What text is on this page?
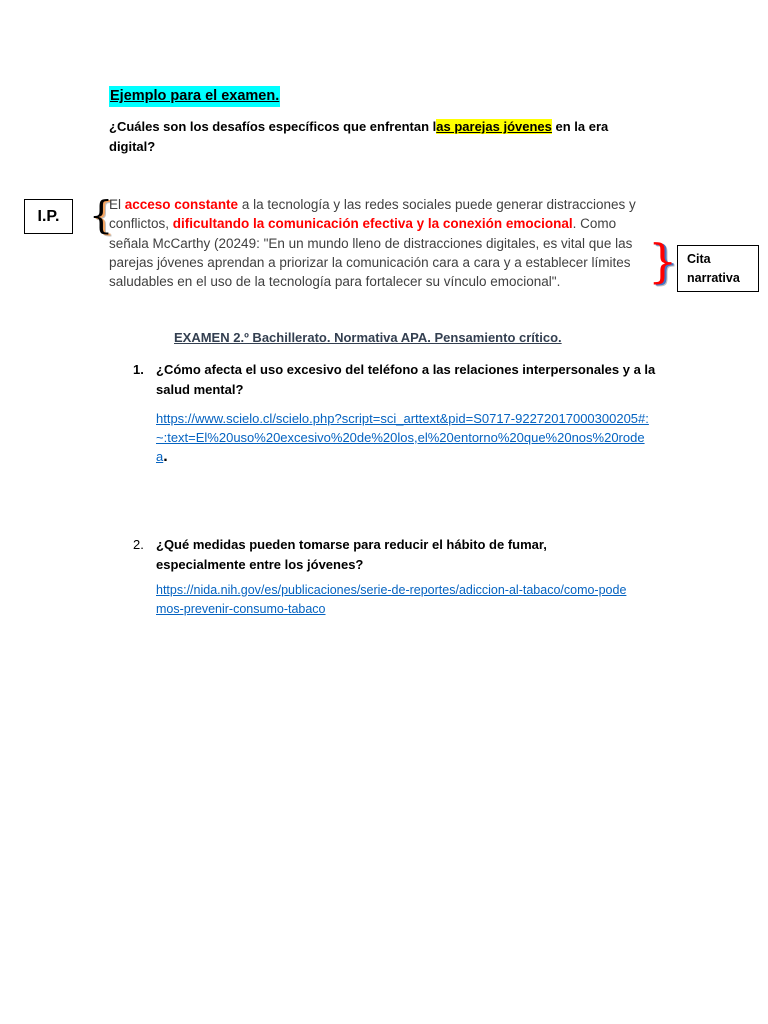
Ejemplo para el examen.
¿Cuáles son los desafíos específicos que enfrentan las parejas jóvenes en la era digital?
I.P. {
El acceso constante a la tecnología y las redes sociales puede generar distracciones y conflictos, dificultando la comunicación efectiva y la conexión emocional. Como señala McCarthy (20249: "En un mundo lleno de distracciones digitales, es vital que las parejas jóvenes aprendan a priorizar la comunicación cara a cara y a establecer límites saludables en el uso de la tecnología para fortalecer su vínculo emocional".	} Cita narrativa
EXAMEN 2.º Bachillerato. Normativa APA. Pensamiento crítico.
1. ¿Cómo afecta el uso excesivo del teléfono a las relaciones interpersonales y a la salud mental?
https://www.scielo.cl/scielo.php?script=sci_arttext&pid=S0717-92272017000300205#:~:text=El%20uso%20excesivo%20de%20los,el%20entorno%20que%20nos%20rodea.
2. ¿Qué medidas pueden tomarse para reducir el hábito de fumar, especialmente entre los jóvenes?
https://nida.nih.gov/es/publicaciones/serie-de-reportes/adiccion-al-tabaco/como-podemos-prevenir-consumo-tabaco
